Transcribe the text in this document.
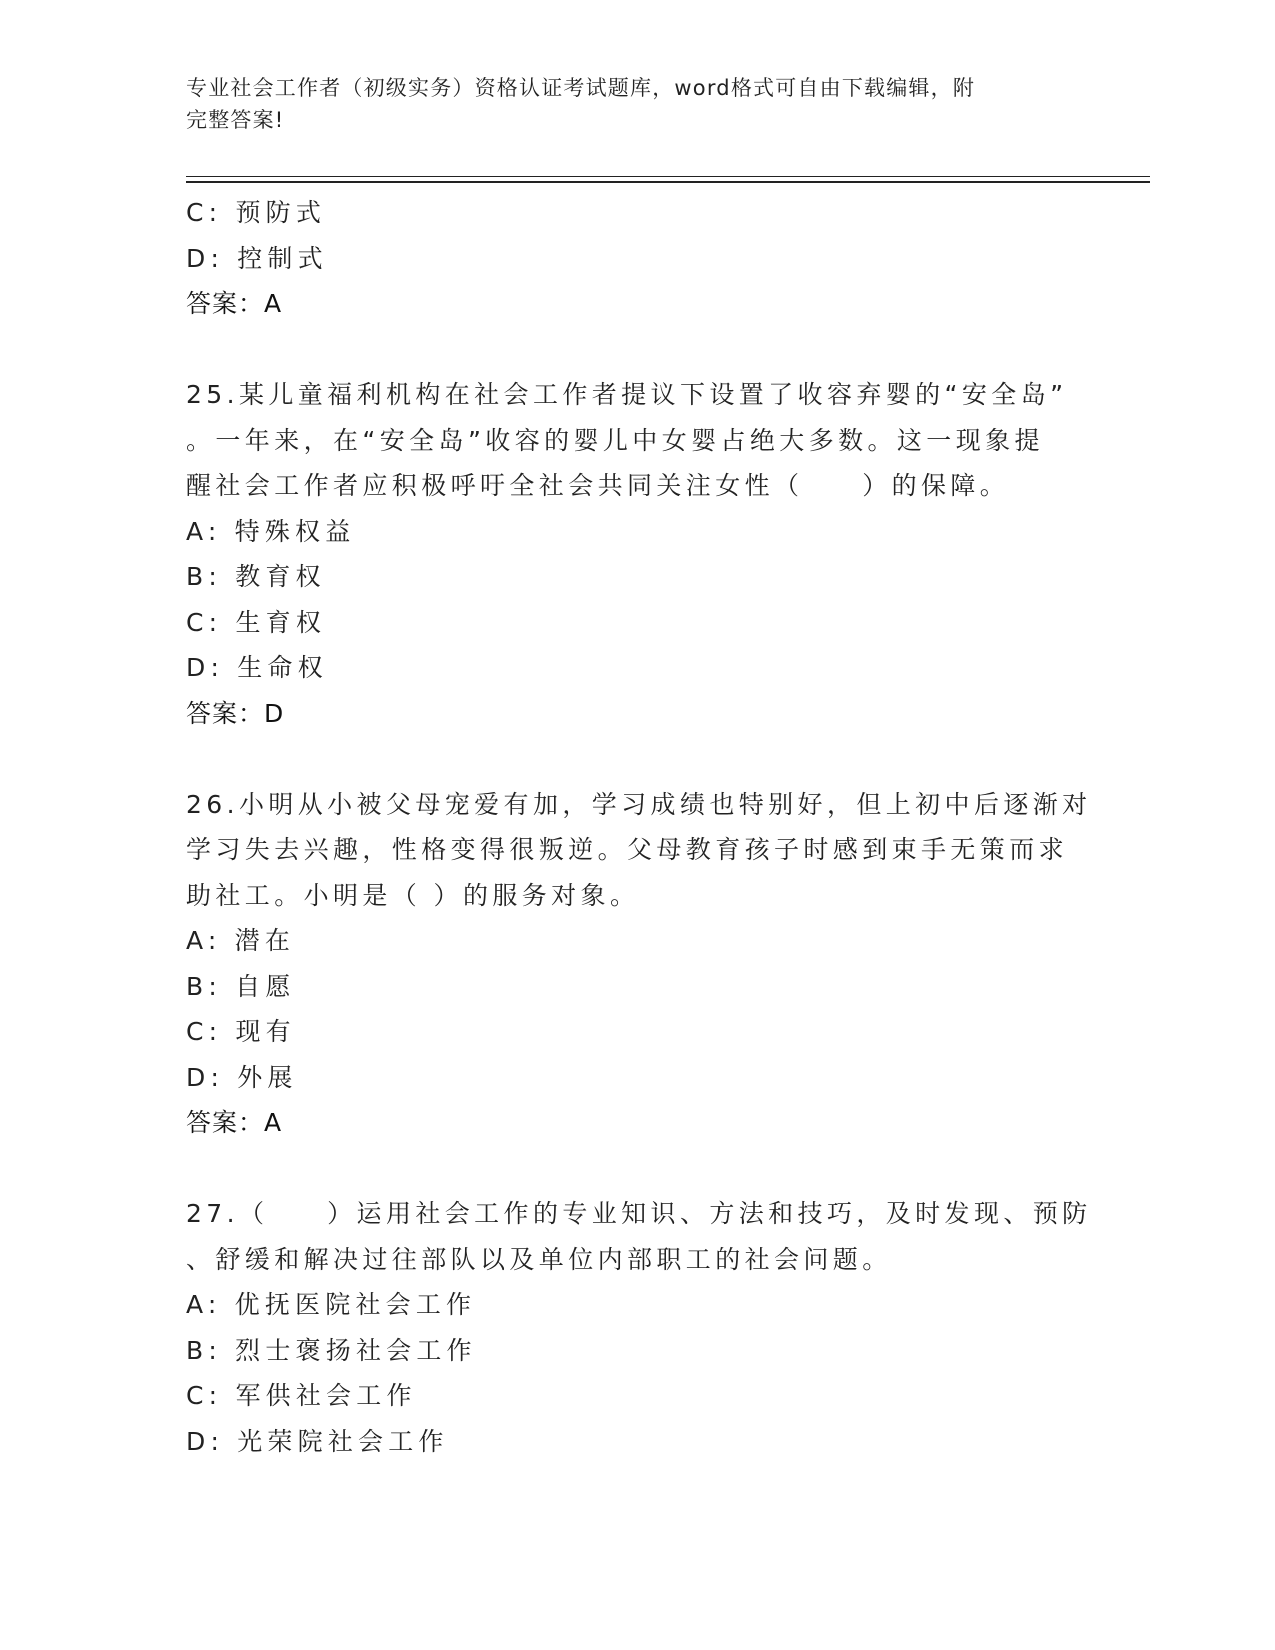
专业社会工作者（初级实务）资格认证考试题库，word格式可自由下载编辑，附
完整答案!
C: 预防式
D: 控制式
答案：A
25.某儿童福利机构在社会工作者提议下设置了收容弃婴的“安全岛”
。一年来，在“安全岛”收容的婴儿中女婴占绝大多数。这一现象提
醒社会工作者应积极呼吁全社会共同关注女性（　　）的保障。
A: 特殊权益
B: 教育权
C: 生育权
D: 生命权
答案：D
26.小明从小被父母宠爱有加，学习成绩也特别好，但上初中后逐渐对
学习失去兴趣，性格变得很叛逆。父母教育孩子时感到束手无策而求
助社工。小明是（ ）的服务对象。
A: 潜在
B: 自愿
C: 现有
D: 外展
答案：A
27.（　　）运用社会工作的专业知识、方法和技巧，及时发现、预防
、舒缓和解决过往部队以及单位内部职工的社会问题。
A: 优抚医院社会工作
B: 烈士褒扬社会工作
C: 军供社会工作
D: 光荣院社会工作
